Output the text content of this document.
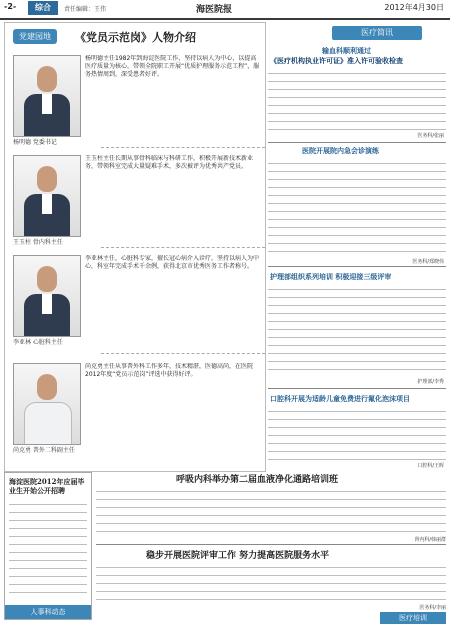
-2-	综合	责任编辑：王伟	海医院报	2012年4月30日
党建园地	《党员示范岗》人物介绍
杨明德 党委书记
杨明德主任1982年到海淀医院工作，坚持以病人为中心，以提高医疗质量为核心，带领全院职工开展“优质护理服务示范工程”，服务热情周到，深受患者好评。
王玉柱 骨内科主任
王玉柱主任长期从事骨科临床与科研工作，积极开展新技术新业务，带领科室完成大量疑难手术，多次被评为优秀共产党员。
李亚林 心脏科主任
李亚林主任，心脏科专家，擅长冠心病介入诊疗，坚持以病人为中心，科室年完成手术千余例，获得北京市优秀医务工作者称号。
尚克勇 普外二科副主任
尚克勇主任从事普外科工作多年，技术精湛，医德高尚，在医院2012年度“党员示范岗”评选中获得好评。
医疗简讯
输血科顺利通过
《医疗机构执业许可证》准入许可验收检查
医务科/张丽
医院开展院内急会诊演练
医务科/郑晓伟
护理部组织系列培训 积极迎接三级评审
护理部/李秀
口腔科开展为适龄儿童免费进行氟化泡沫项目
口腔科/王晖
海淀医院2012年应届毕业生开始公开招聘
人事科动态
呼吸内科举办第二届血液净化通路培训班
肾内科/韩丽群
稳步开展医院评审工作 努力提高医院服务水平
医务科/李丽
医疗培训
